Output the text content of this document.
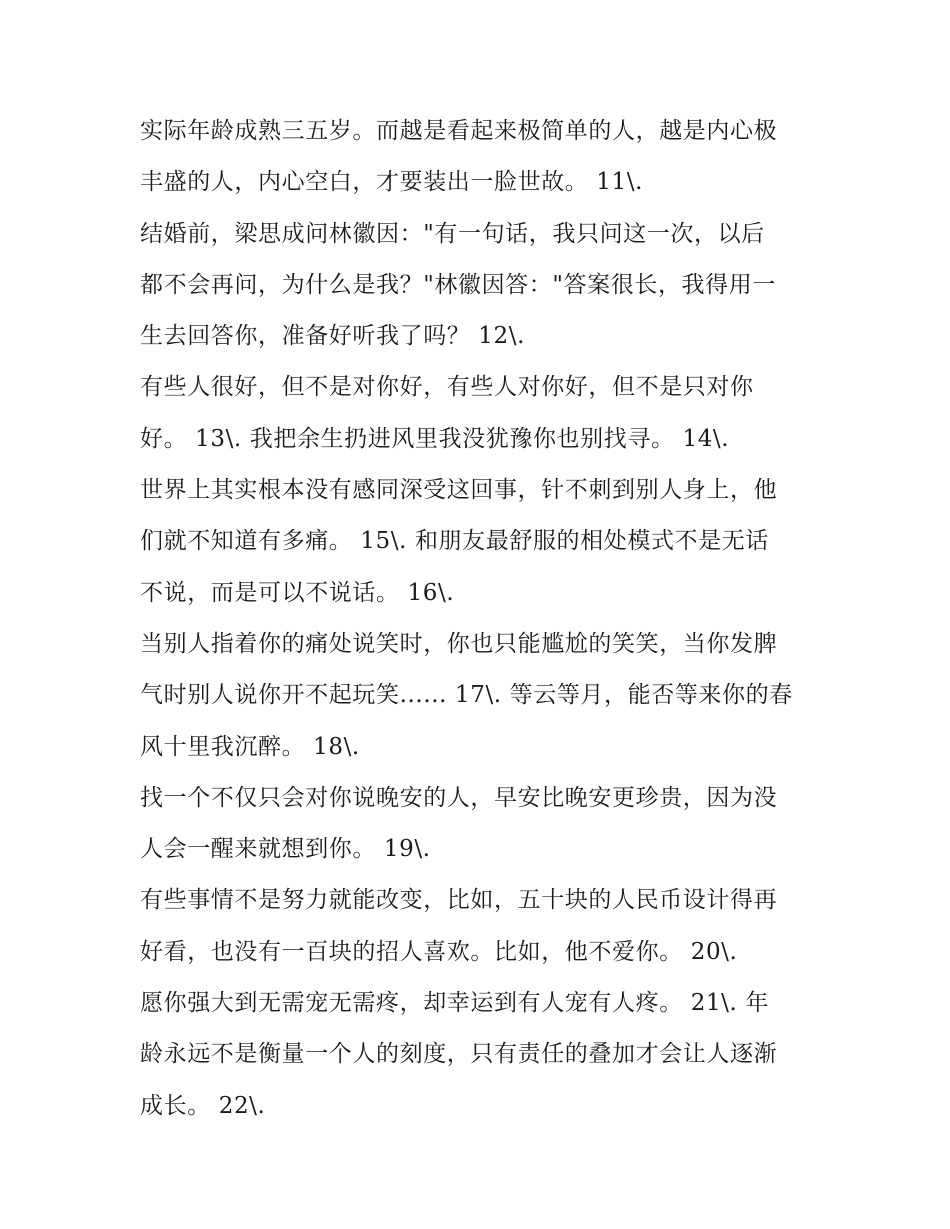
实际年龄成熟三五岁。而越是看起来极简单的人，越是内心极
丰盛的人，内心空白，才要装出一脸世故。 11\.
结婚前，梁思成问林徽因："有一句话，我只问这一次，以后
都不会再问，为什么是我？"林徽因答："答案很长，我得用一
生去回答你，准备好听我了吗？ 12\.
有些人很好，但不是对你好，有些人对你好，但不是只对你
好。 13\. 我把余生扔进风里我没犹豫你也别找寻。 14\.
世界上其实根本没有感同深受这回事，针不刺到别人身上，他
们就不知道有多痛。 15\. 和朋友最舒服的相处模式不是无话
不说，而是可以不说话。 16\.
当别人指着你的痛处说笑时，你也只能尴尬的笑笑，当你发脾
气时别人说你开不起玩笑...... 17\. 等云等月，能否等来你的春
风十里我沉醉。 18\.
找一个不仅只会对你说晚安的人，早安比晚安更珍贵，因为没
人会一醒来就想到你。 19\.
有些事情不是努力就能改变，比如，五十块的人民币设计得再
好看，也没有一百块的招人喜欢。比如，他不爱你。 20\.
愿你强大到无需宠无需疼，却幸运到有人宠有人疼。 21\. 年
龄永远不是衡量一个人的刻度，只有责任的叠加才会让人逐渐
成长。 22\.
